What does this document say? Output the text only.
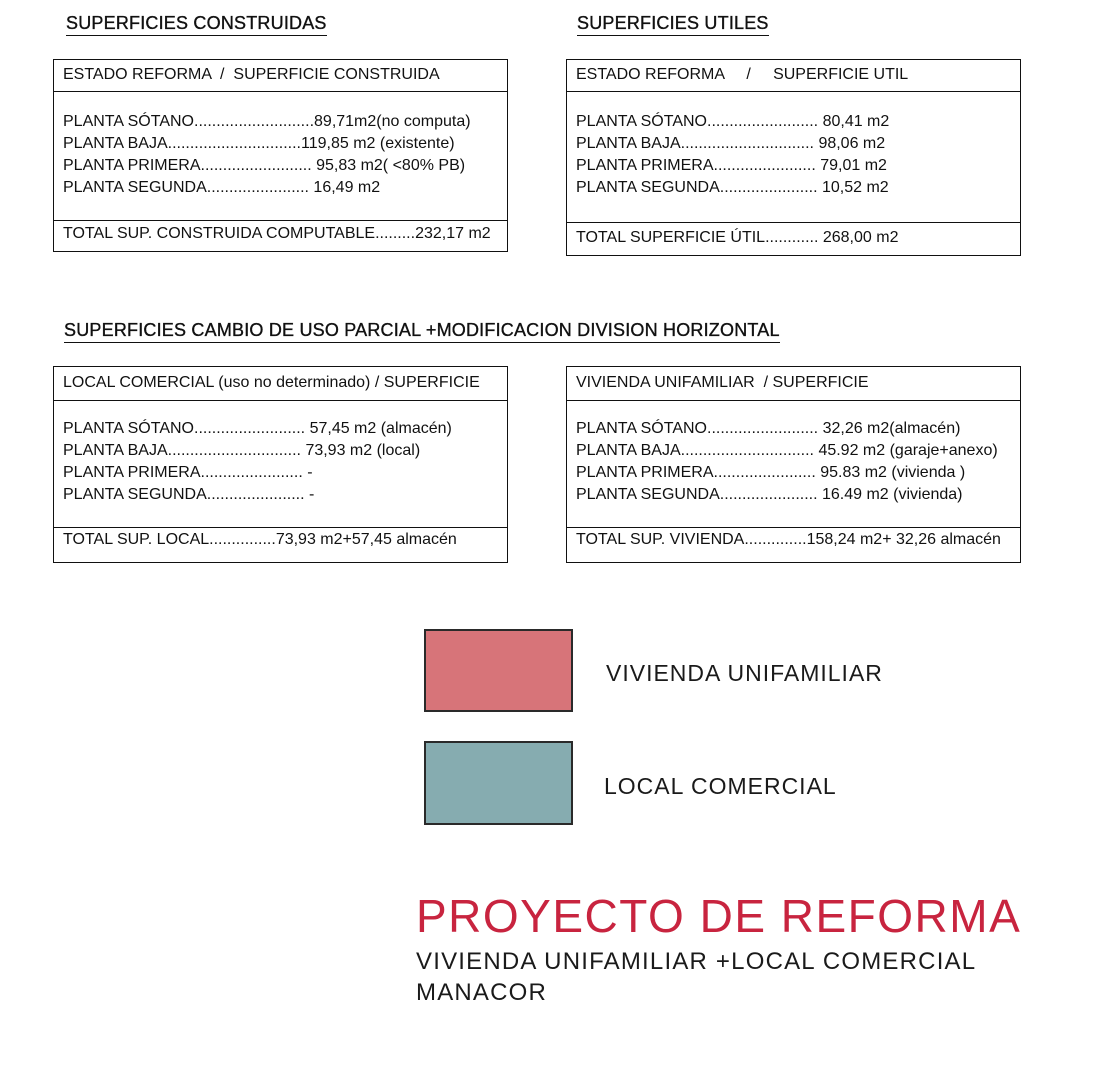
SUPERFICIES CONSTRUIDAS	SUPERFICIES UTILES
SUPERFICIES CAMBIO DE USO PARCIAL +MODIFICACION DIVISION HORIZONTAL
ESTADO REFORMA  /  SUPERFICIE CONSTRUIDA
PLANTA SÓTANO...........................89,71m2(no computa)
PLANTA BAJA..............................119,85 m2 (existente)
PLANTA PRIMERA......................... 95,83 m2( <80% PB)
PLANTA SEGUNDA....................... 16,49 m2
TOTAL SUP. CONSTRUIDA COMPUTABLE.........232,17 m2
ESTADO REFORMA     /     SUPERFICIE UTIL
PLANTA SÓTANO......................... 80,41 m2
PLANTA BAJA.............................. 98,06 m2
PLANTA PRIMERA....................... 79,01 m2
PLANTA SEGUNDA...................... 10,52 m2
TOTAL SUPERFICIE ÚTIL............ 268,00 m2
LOCAL COMERCIAL (uso no determinado) / SUPERFICIE
PLANTA SÓTANO......................... 57,45 m2 (almacén)
PLANTA BAJA.............................. 73,93 m2 (local)
PLANTA PRIMERA....................... -
PLANTA SEGUNDA...................... -
TOTAL SUP. LOCAL...............73,93 m2+57,45 almacén
VIVIENDA UNIFAMILIAR  / SUPERFICIE
PLANTA SÓTANO......................... 32,26 m2(almacén)
PLANTA BAJA.............................. 45.92 m2 (garaje+anexo)
PLANTA PRIMERA....................... 95.83 m2 (vivienda )
PLANTA SEGUNDA...................... 16.49 m2 (vivienda)
TOTAL SUP. VIVIENDA..............158,24 m2+ 32,26 almacén
VIVIENDA UNIFAMILIAR
LOCAL COMERCIAL
PROYECTO DE REFORMA
VIVIENDA UNIFAMILIAR +LOCAL COMERCIAL
MANACOR
